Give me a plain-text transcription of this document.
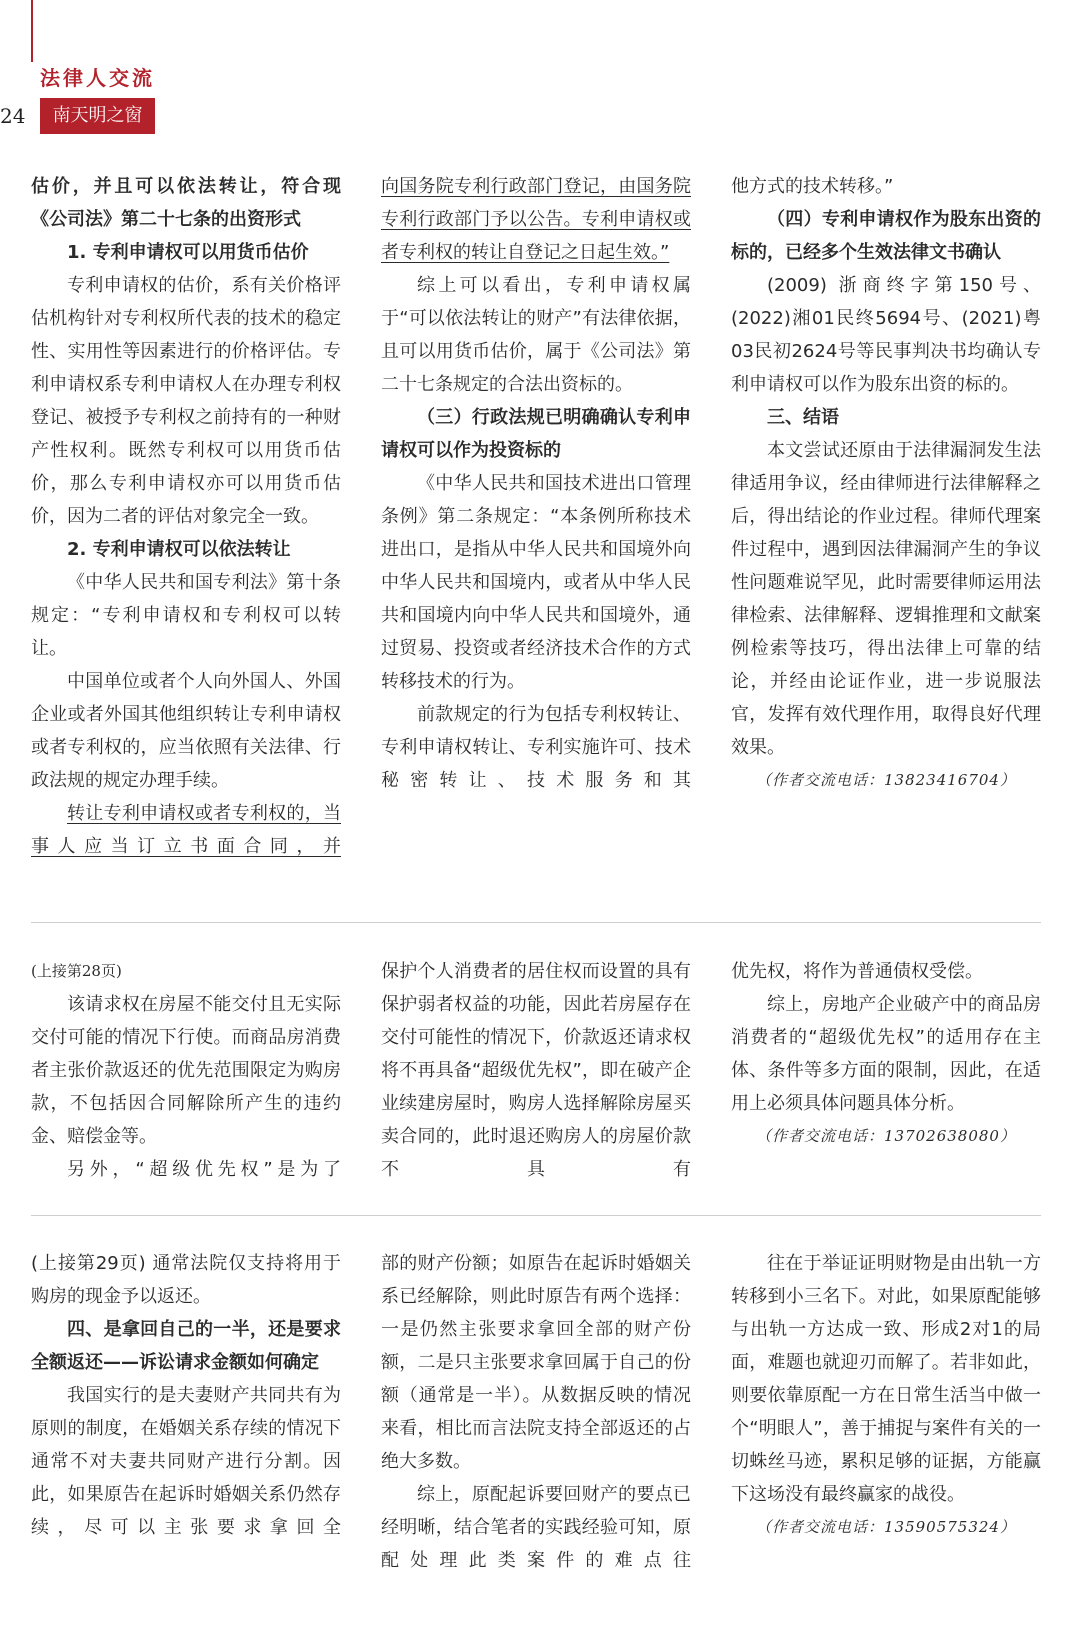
24
法律人交流
南天明之窗

估价，并且可以依法转让，符合现

《公司法》第二十七条的出资形式

1. 专利申请权可以用货币估价

专利申请权的估价，系有关价格评估机构针对专利权所代表的技术的稳定性、实用性等因素进行的价格评估。专利申请权系专利申请权人在办理专利权登记、被授予专利权之前持有的一种财产性权利。既然专利权可以用货币估价，那么专利申请权亦可以用货币估价，因为二者的评估对象完全一致。

2. 专利申请权可以依法转让

《中华人民共和国专利法》第十条规定：“专利申请权和专利权可以转让。

中国单位或者个人向外国人、外国企业或者外国其他组织转让专利申请权或者专利权的，应当依照有关法律、行政法规的规定办理手续。

转让专利申请权或者专利权的，当事人应当订立书面合同，并

向国务院专利行政部门登记，由国务院专利行政部门予以公告。专利申请权或者专利权的转让自登记之日起生效。”

综上可以看出，专利申请权属于“可以依法转让的财产”有法律依据，且可以用货币估价，属于《公司法》第二十七条规定的合法出资标的。

（三）行政法规已明确确认专利申请权可以作为投资标的

《中华人民共和国技术进出口管理条例》第二条规定：“本条例所称技术进出口，是指从中华人民共和国境外向中华人民共和国境内，或者从中华人民共和国境内向中华人民共和国境外，通过贸易、投资或者经济技术合作的方式转移技术的行为。

前款规定的行为包括专利权转让、专利申请权转让、专利实施许可、技术秘密转让、技术服务和其

他方式的技术转移。”

（四）专利申请权作为股东出资的标的，已经多个生效法律文书确认

(2009) 浙商终字第150号、(2022)湘01民终5694号、(2021)粤03民初2624号等民事判决书均确认专利申请权可以作为股东出资的标的。

三、结语

本文尝试还原由于法律漏洞发生法律适用争议，经由律师进行法律解释之后，得出结论的作业过程。律师代理案件过程中，遇到因法律漏洞产生的争议性问题难说罕见，此时需要律师运用法律检索、法律解释、逻辑推理和文献案例检索等技巧，得出法律上可靠的结论，并经由论证作业，进一步说服法官，发挥有效代理作用，取得良好代理效果。

（作者交流电话：13823416704）

(上接第28页)

该请求权在房屋不能交付且无实际交付可能的情况下行使。而商品房消费者主张价款返还的优先范围限定为购房款，不包括因合同解除所产生的违约金、赔偿金等。

另外，“超级优先权”是为了

保护个人消费者的居住权而设置的具有保护弱者权益的功能，因此若房屋存在交付可能性的情况下，价款返还请求权将不再具备“超级优先权”，即在破产企业续建房屋时，购房人选择解除房屋买卖合同的，此时退还购房人的房屋价款不具有

优先权，将作为普通债权受偿。

综上，房地产企业破产中的商品房消费者的“超级优先权”的适用存在主体、条件等多方面的限制，因此，在适用上必须具体问题具体分析。

（作者交流电话：13702638080）

(上接第29页) 通常法院仅支持将用于购房的现金予以返还。

四、是拿回自己的一半，还是要求全额返还——诉讼请求金额如何确定

我国实行的是夫妻财产共同共有为原则的制度，在婚姻关系存续的情况下通常不对夫妻共同财产进行分割。因此，如果原告在起诉时婚姻关系仍然存续，尽可以主张要求拿回全

部的财产份额；如原告在起诉时婚姻关系已经解除，则此时原告有两个选择：一是仍然主张要求拿回全部的财产份额，二是只主张要求拿回属于自己的份额（通常是一半）。从数据反映的情况来看，相比而言法院支持全部返还的占绝大多数。

综上，原配起诉要回财产的要点已经明晰，结合笔者的实践经验可知，原配处理此类案件的难点往

往在于举证证明财物是由出轨一方转移到小三名下。对此，如果原配能够与出轨一方达成一致、形成2对1的局面，难题也就迎刃而解了。若非如此，则要依靠原配一方在日常生活当中做一个“明眼人”，善于捕捉与案件有关的一切蛛丝马迹，累积足够的证据，方能赢下这场没有最终赢家的战役。

（作者交流电话：13590575324）
